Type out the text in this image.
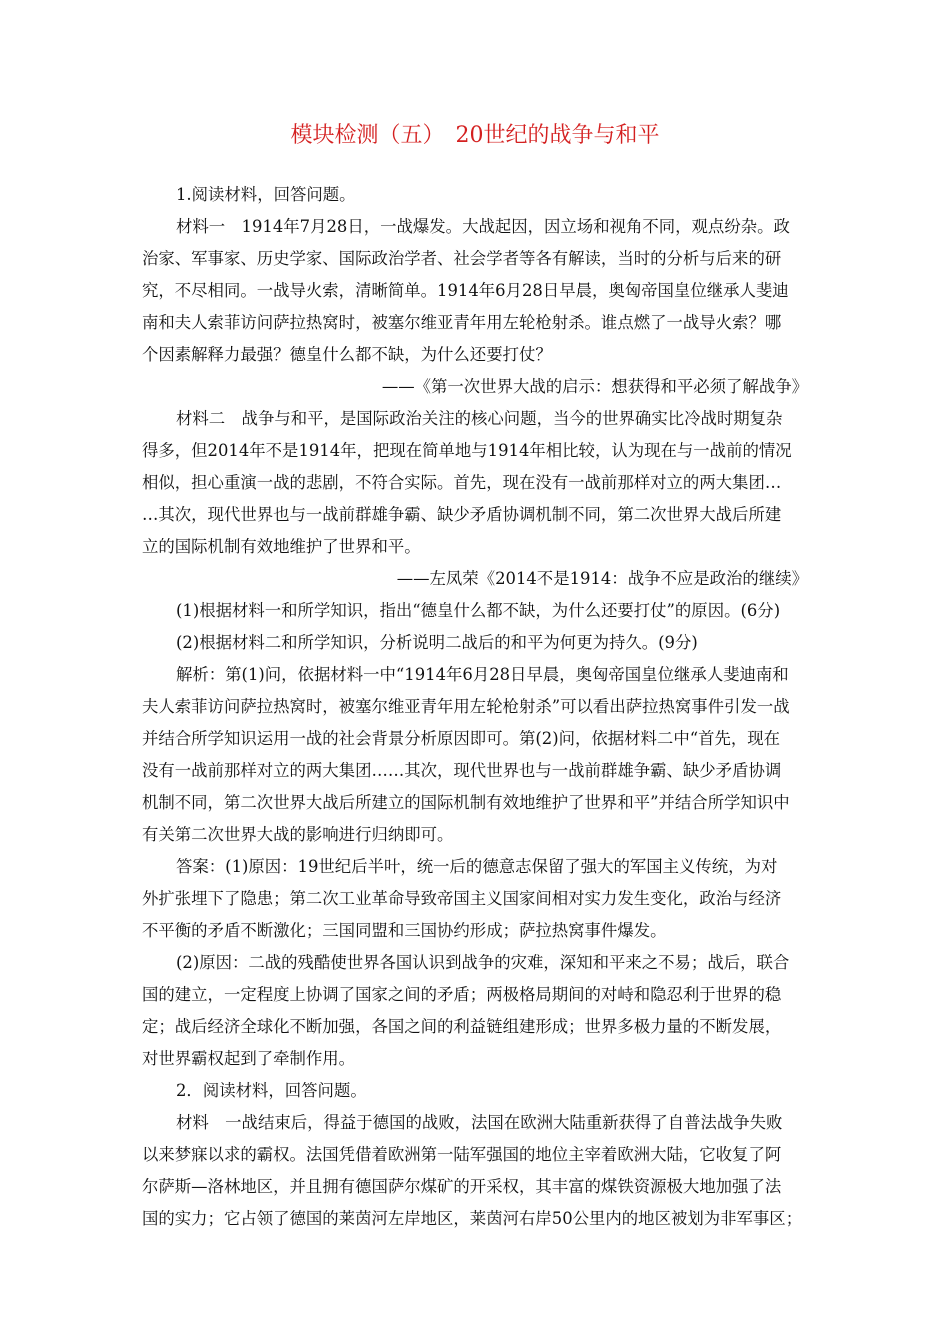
模块检测（五）　20世纪的战争与和平
1.阅读材料，回答问题。
材料一　1914年7月28日，一战爆发。大战起因，因立场和视角不同，观点纷杂。政
治家、军事家、历史学家、国际政治学者、社会学者等各有解读，当时的分析与后来的研
究，不尽相同。一战导火索，清晰简单。1914年6月28日早晨，奥匈帝国皇位继承人斐迪
南和夫人索菲访问萨拉热窝时，被塞尔维亚青年用左轮枪射杀。谁点燃了一战导火索？哪
个因素解释力最强？德皇什么都不缺，为什么还要打仗？
——《第一次世界大战的启示：想获得和平必须了解战争》
材料二　战争与和平，是国际政治关注的核心问题，当今的世界确实比冷战时期复杂
得多，但2014年不是1914年，把现在简单地与1914年相比较，认为现在与一战前的情况
相似，担心重演一战的悲剧，不符合实际。首先，现在没有一战前那样对立的两大集团…
…其次，现代世界也与一战前群雄争霸、缺少矛盾协调机制不同，第二次世界大战后所建
立的国际机制有效地维护了世界和平。
——左凤荣《2014不是1914：战争不应是政治的继续》
(1)根据材料一和所学知识，指出“德皇什么都不缺，为什么还要打仗”的原因。(6分)
(2)根据材料二和所学知识，分析说明二战后的和平为何更为持久。(9分)
解析：第(1)问，依据材料一中“1914年6月28日早晨，奥匈帝国皇位继承人斐迪南和
夫人索菲访问萨拉热窝时，被塞尔维亚青年用左轮枪射杀”可以看出萨拉热窝事件引发一战
并结合所学知识运用一战的社会背景分析原因即可。第(2)问，依据材料二中“首先，现在
没有一战前那样对立的两大集团……其次，现代世界也与一战前群雄争霸、缺少矛盾协调
机制不同，第二次世界大战后所建立的国际机制有效地维护了世界和平”并结合所学知识中
有关第二次世界大战的影响进行归纳即可。
答案：(1)原因：19世纪后半叶，统一后的德意志保留了强大的军国主义传统，为对
外扩张埋下了隐患；第二次工业革命导致帝国主义国家间相对实力发生变化，政治与经济
不平衡的矛盾不断激化；三国同盟和三国协约形成；萨拉热窝事件爆发。
(2)原因：二战的残酷使世界各国认识到战争的灾难，深知和平来之不易；战后，联合
国的建立，一定程度上协调了国家之间的矛盾；两极格局期间的对峙和隐忍利于世界的稳
定；战后经济全球化不断加强，各国之间的利益链组建形成；世界多极力量的不断发展，
对世界霸权起到了牵制作用。
2．阅读材料，回答问题。
材料　一战结束后，得益于德国的战败，法国在欧洲大陆重新获得了自普法战争失败
以来梦寐以求的霸权。法国凭借着欧洲第一陆军强国的地位主宰着欧洲大陆，它收复了阿
尔萨斯—洛林地区，并且拥有德国萨尔煤矿的开采权，其丰富的煤铁资源极大地加强了法
国的实力；它占领了德国的莱茵河左岸地区，莱茵河右岸50公里内的地区被划为非军事区；
